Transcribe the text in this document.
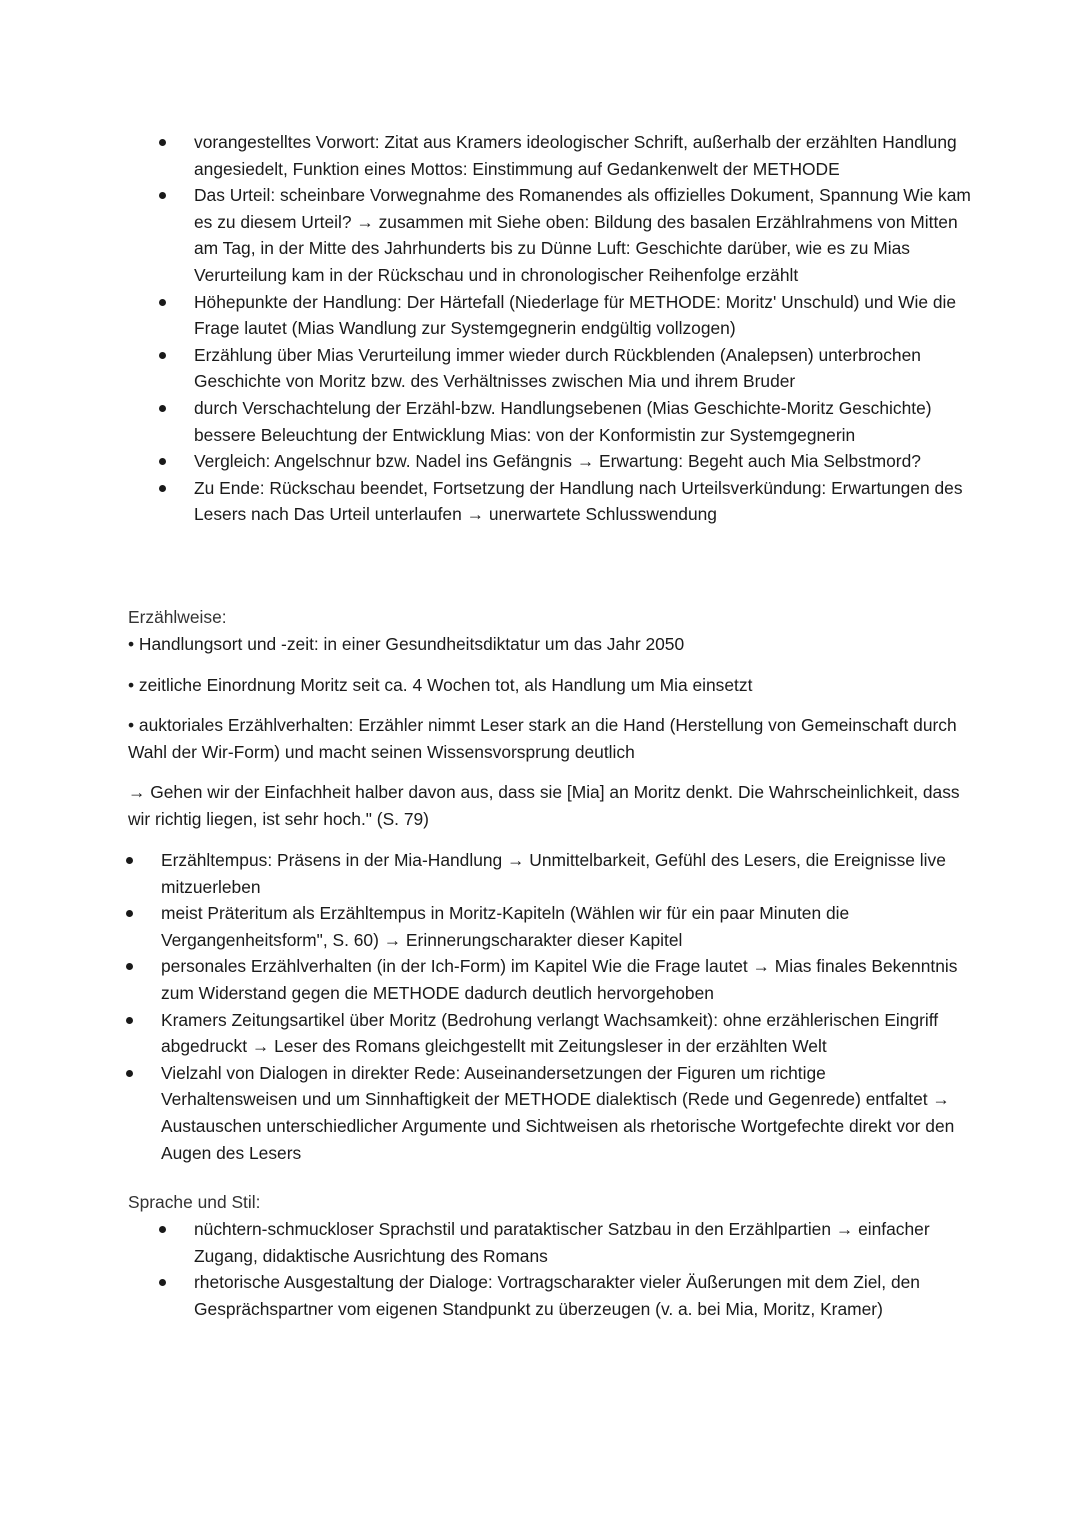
vorangestelltes Vorwort: Zitat aus Kramers ideologischer Schrift, außerhalb der erzählten Handlung angesiedelt, Funktion eines Mottos: Einstimmung auf Gedankenwelt der METHODE
Das Urteil: scheinbare Vorwegnahme des Romanendes als offizielles Dokument, Spannung Wie kam es zu diesem Urteil? → zusammen mit Siehe oben: Bildung des basalen Erzählrahmens von Mitten am Tag, in der Mitte des Jahrhunderts bis zu Dünne Luft: Geschichte darüber, wie es zu Mias Verurteilung kam in der Rückschau und in chronologischer Reihenfolge erzählt
Höhepunkte der Handlung: Der Härtefall (Niederlage für METHODE: Moritz' Unschuld) und Wie die Frage lautet (Mias Wandlung zur Systemgegnerin endgültig vollzogen)
Erzählung über Mias Verurteilung immer wieder durch Rückblenden (Analepsen) unterbrochen Geschichte von Moritz bzw. des Verhältnisses zwischen Mia und ihrem Bruder
durch Verschachtelung der Erzähl-bzw. Handlungsebenen (Mias Geschichte-Moritz Geschichte) bessere Beleuchtung der Entwicklung Mias: von der Konformistin zur Systemgegnerin
Vergleich: Angelschnur bzw. Nadel ins Gefängnis → Erwartung: Begeht auch Mia Selbstmord?
Zu Ende: Rückschau beendet, Fortsetzung der Handlung nach Urteilsverkündung: Erwartungen des Lesers nach Das Urteil unterlaufen → unerwartete Schlusswendung
Erzählweise:

• Handlungsort und -zeit: in einer Gesundheitsdiktatur um das Jahr 2050

• zeitliche Einordnung Moritz seit ca. 4 Wochen tot, als Handlung um Mia einsetzt

• auktoriales Erzählverhalten: Erzähler nimmt Leser stark an die Hand (Herstellung von Gemeinschaft durch Wahl der Wir-Form) und macht seinen Wissensvorsprung deutlich

→ Gehen wir der Einfachheit halber davon aus, dass sie [Mia] an Moritz denkt. Die Wahrscheinlichkeit, dass wir richtig liegen, ist sehr hoch." (S. 79)

Erzähltempus: Präsens in der Mia-Handlung → Unmittelbarkeit, Gefühl des Lesers, die Ereignisse live mitzuerleben
meist Präteritum als Erzähltempus in Moritz-Kapiteln (Wählen wir für ein paar Minuten die Vergangenheitsform", S. 60) → Erinnerungscharakter dieser Kapitel
personales Erzählverhalten (in der Ich-Form) im Kapitel Wie die Frage lautet → Mias finales Bekenntnis zum Widerstand gegen die METHODE dadurch deutlich hervorgehoben
Kramers Zeitungsartikel über Moritz (Bedrohung verlangt Wachsamkeit): ohne erzählerischen Eingriff abgedruckt → Leser des Romans gleichgestellt mit Zeitungsleser in der erzählten Welt
Vielzahl von Dialogen in direkter Rede: Auseinandersetzungen der Figuren um richtige Verhaltensweisen und um Sinnhaftigkeit der METHODE dialektisch (Rede und Gegenrede) entfaltet → Austauschen unterschiedlicher Argumente und Sichtweisen als rhetorische Wortgefechte direkt vor den Augen des Lesers
Sprache und Stil:
nüchtern-schmuckloser Sprachstil und parataktischer Satzbau in den Erzählpartien → einfacher Zugang, didaktische Ausrichtung des Romans
rhetorische Ausgestaltung der Dialoge: Vortragscharakter vieler Äußerungen mit dem Ziel, den Gesprächspartner vom eigenen Standpunkt zu überzeugen (v. a. bei Mia, Moritz, Kramer)
